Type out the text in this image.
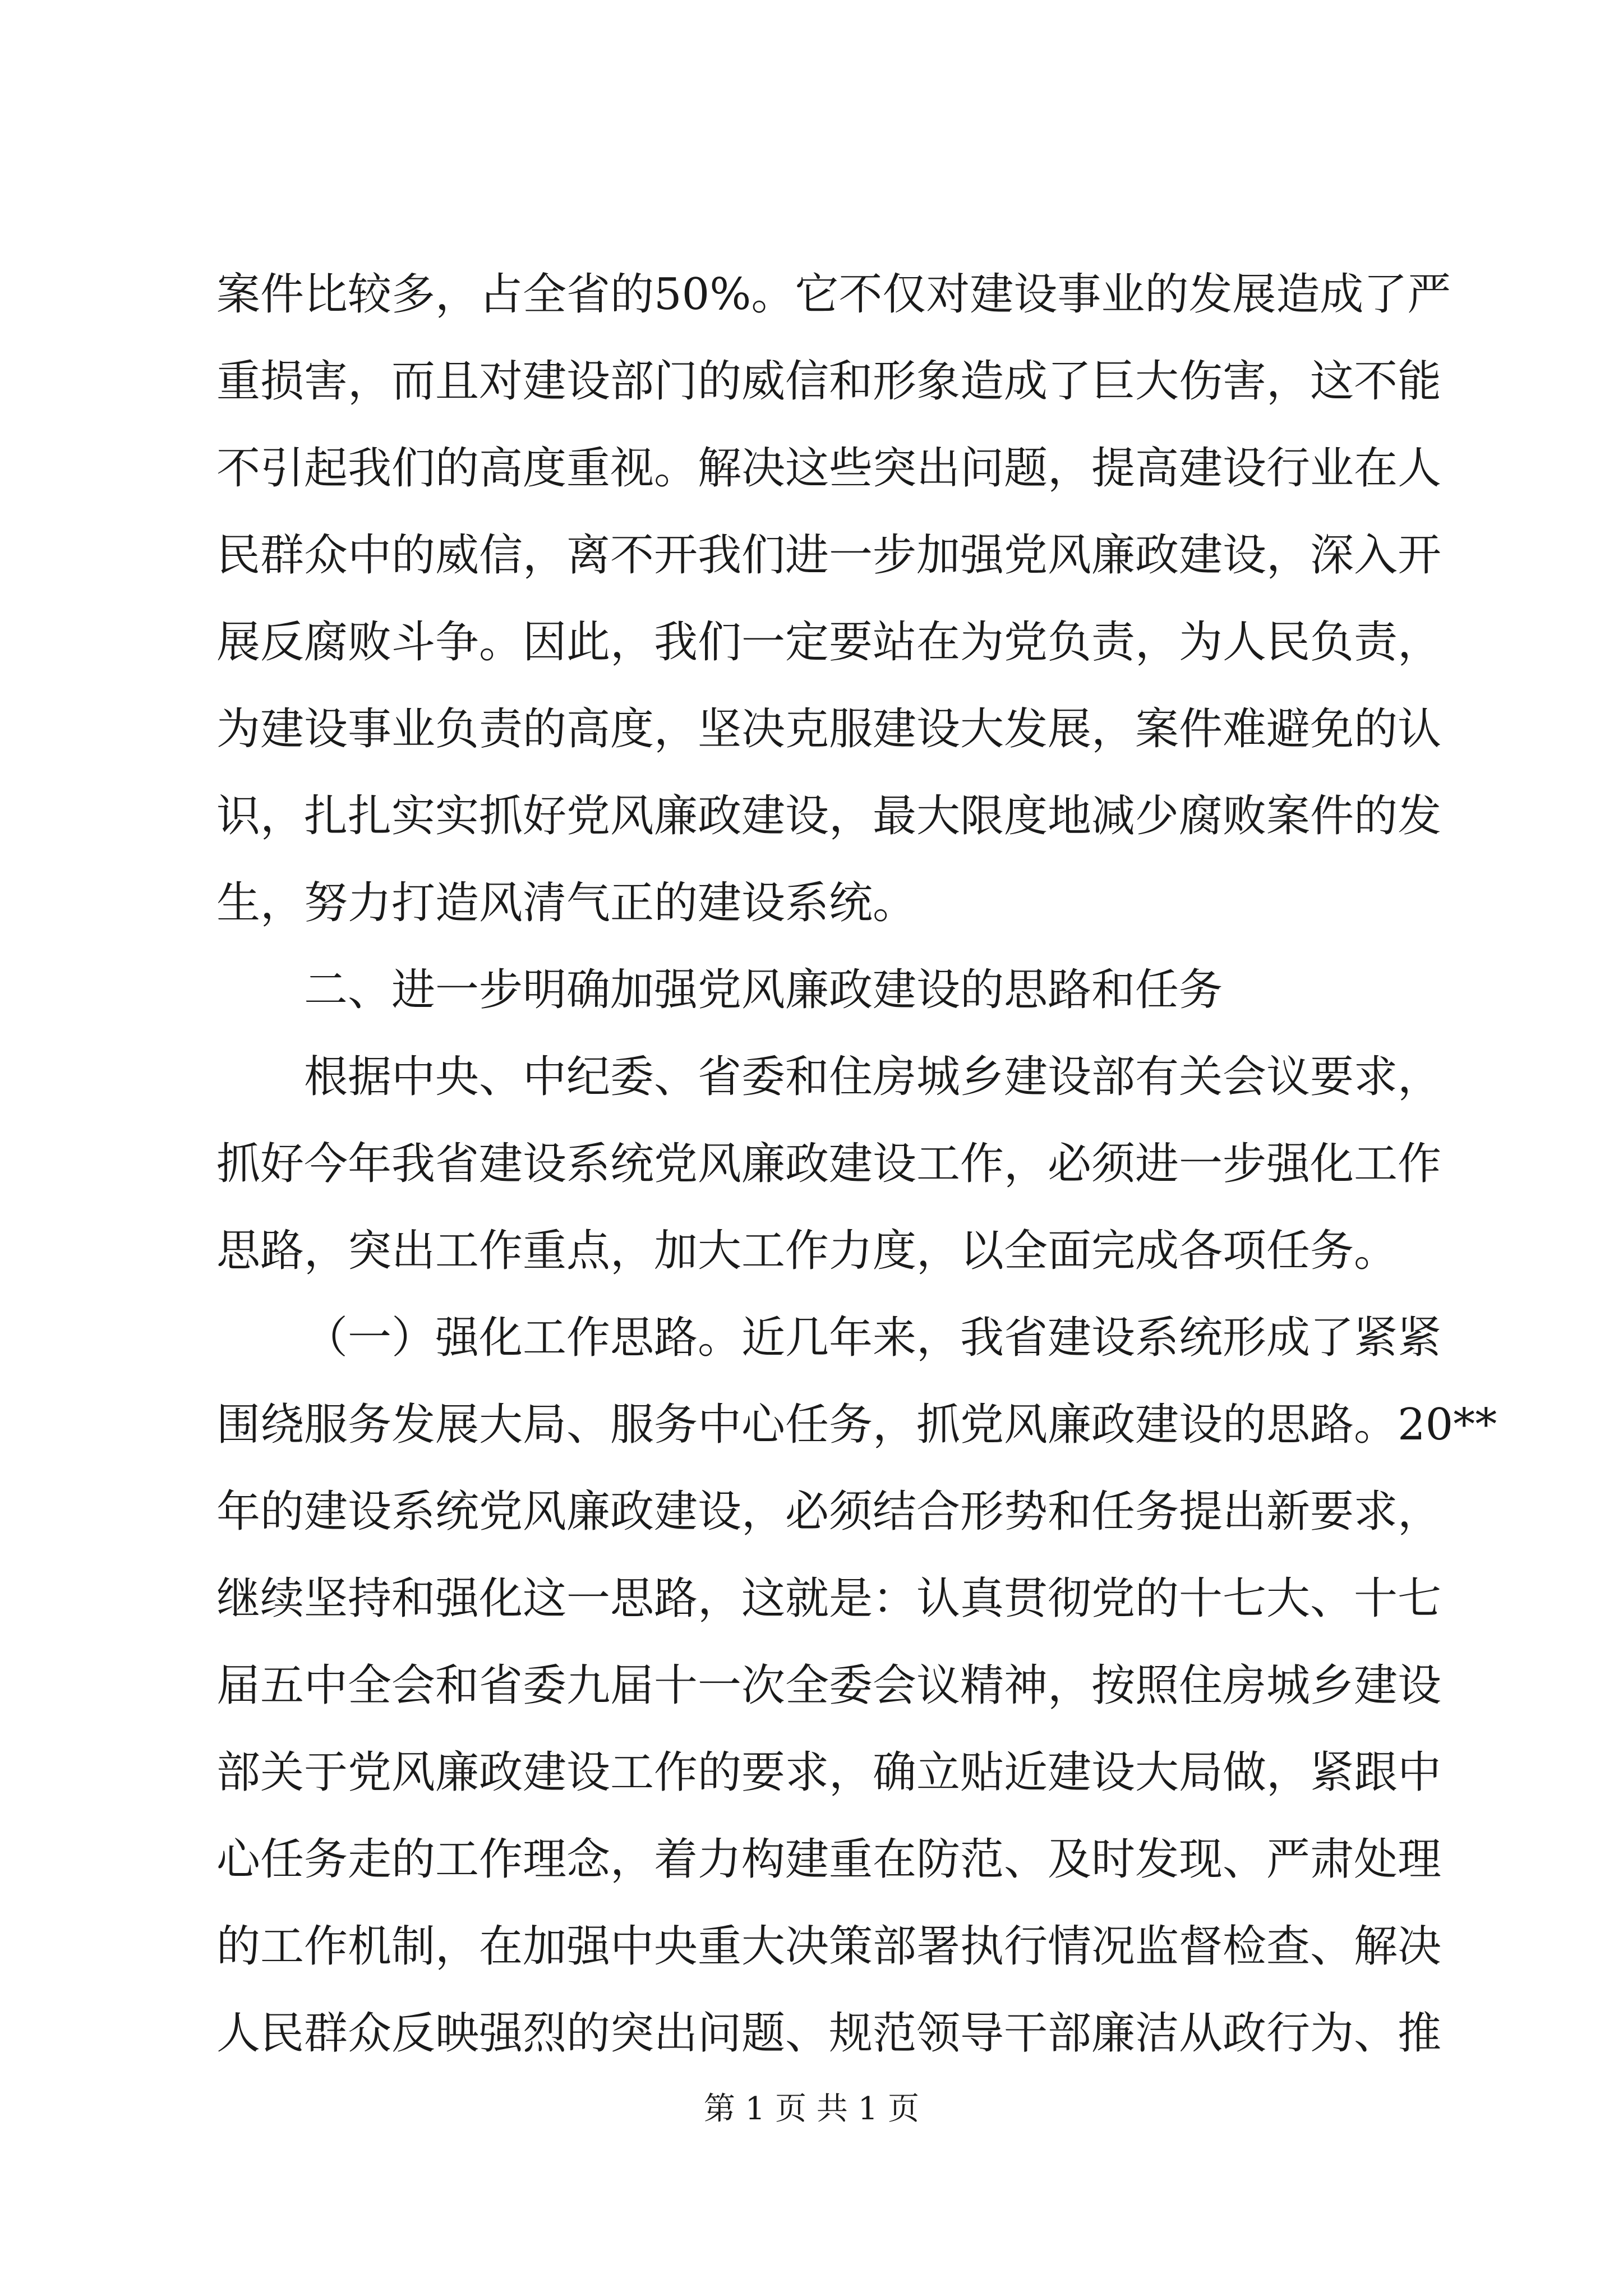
案件比较多，占全省的50%。它不仅对建设事业的发展造成了严
重损害，而且对建设部门的威信和形象造成了巨大伤害，这不能
不引起我们的高度重视。解决这些突出问题，提高建设行业在人
民群众中的威信，离不开我们进一步加强党风廉政建设，深入开
展反腐败斗争。因此，我们一定要站在为党负责，为人民负责，
为建设事业负责的高度，坚决克服建设大发展，案件难避免的认
识，扎扎实实抓好党风廉政建设，最大限度地减少腐败案件的发
生，努力打造风清气正的建设系统。
二、进一步明确加强党风廉政建设的思路和任务
根据中央、中纪委、省委和住房城乡建设部有关会议要求，
抓好今年我省建设系统党风廉政建设工作，必须进一步强化工作
思路，突出工作重点，加大工作力度，以全面完成各项任务。
（一）强化工作思路。近几年来，我省建设系统形成了紧紧
围绕服务发展大局、服务中心任务，抓党风廉政建设的思路。20**
年的建设系统党风廉政建设，必须结合形势和任务提出新要求，
继续坚持和强化这一思路，这就是：认真贯彻党的十七大、十七
届五中全会和省委九届十一次全委会议精神，按照住房城乡建设
部关于党风廉政建设工作的要求，确立贴近建设大局做，紧跟中
心任务走的工作理念，着力构建重在防范、及时发现、严肃处理
的工作机制，在加强中央重大决策部署执行情况监督检查、解决
人民群众反映强烈的突出问题、规范领导干部廉洁从政行为、推
第 1 页 共 1 页
